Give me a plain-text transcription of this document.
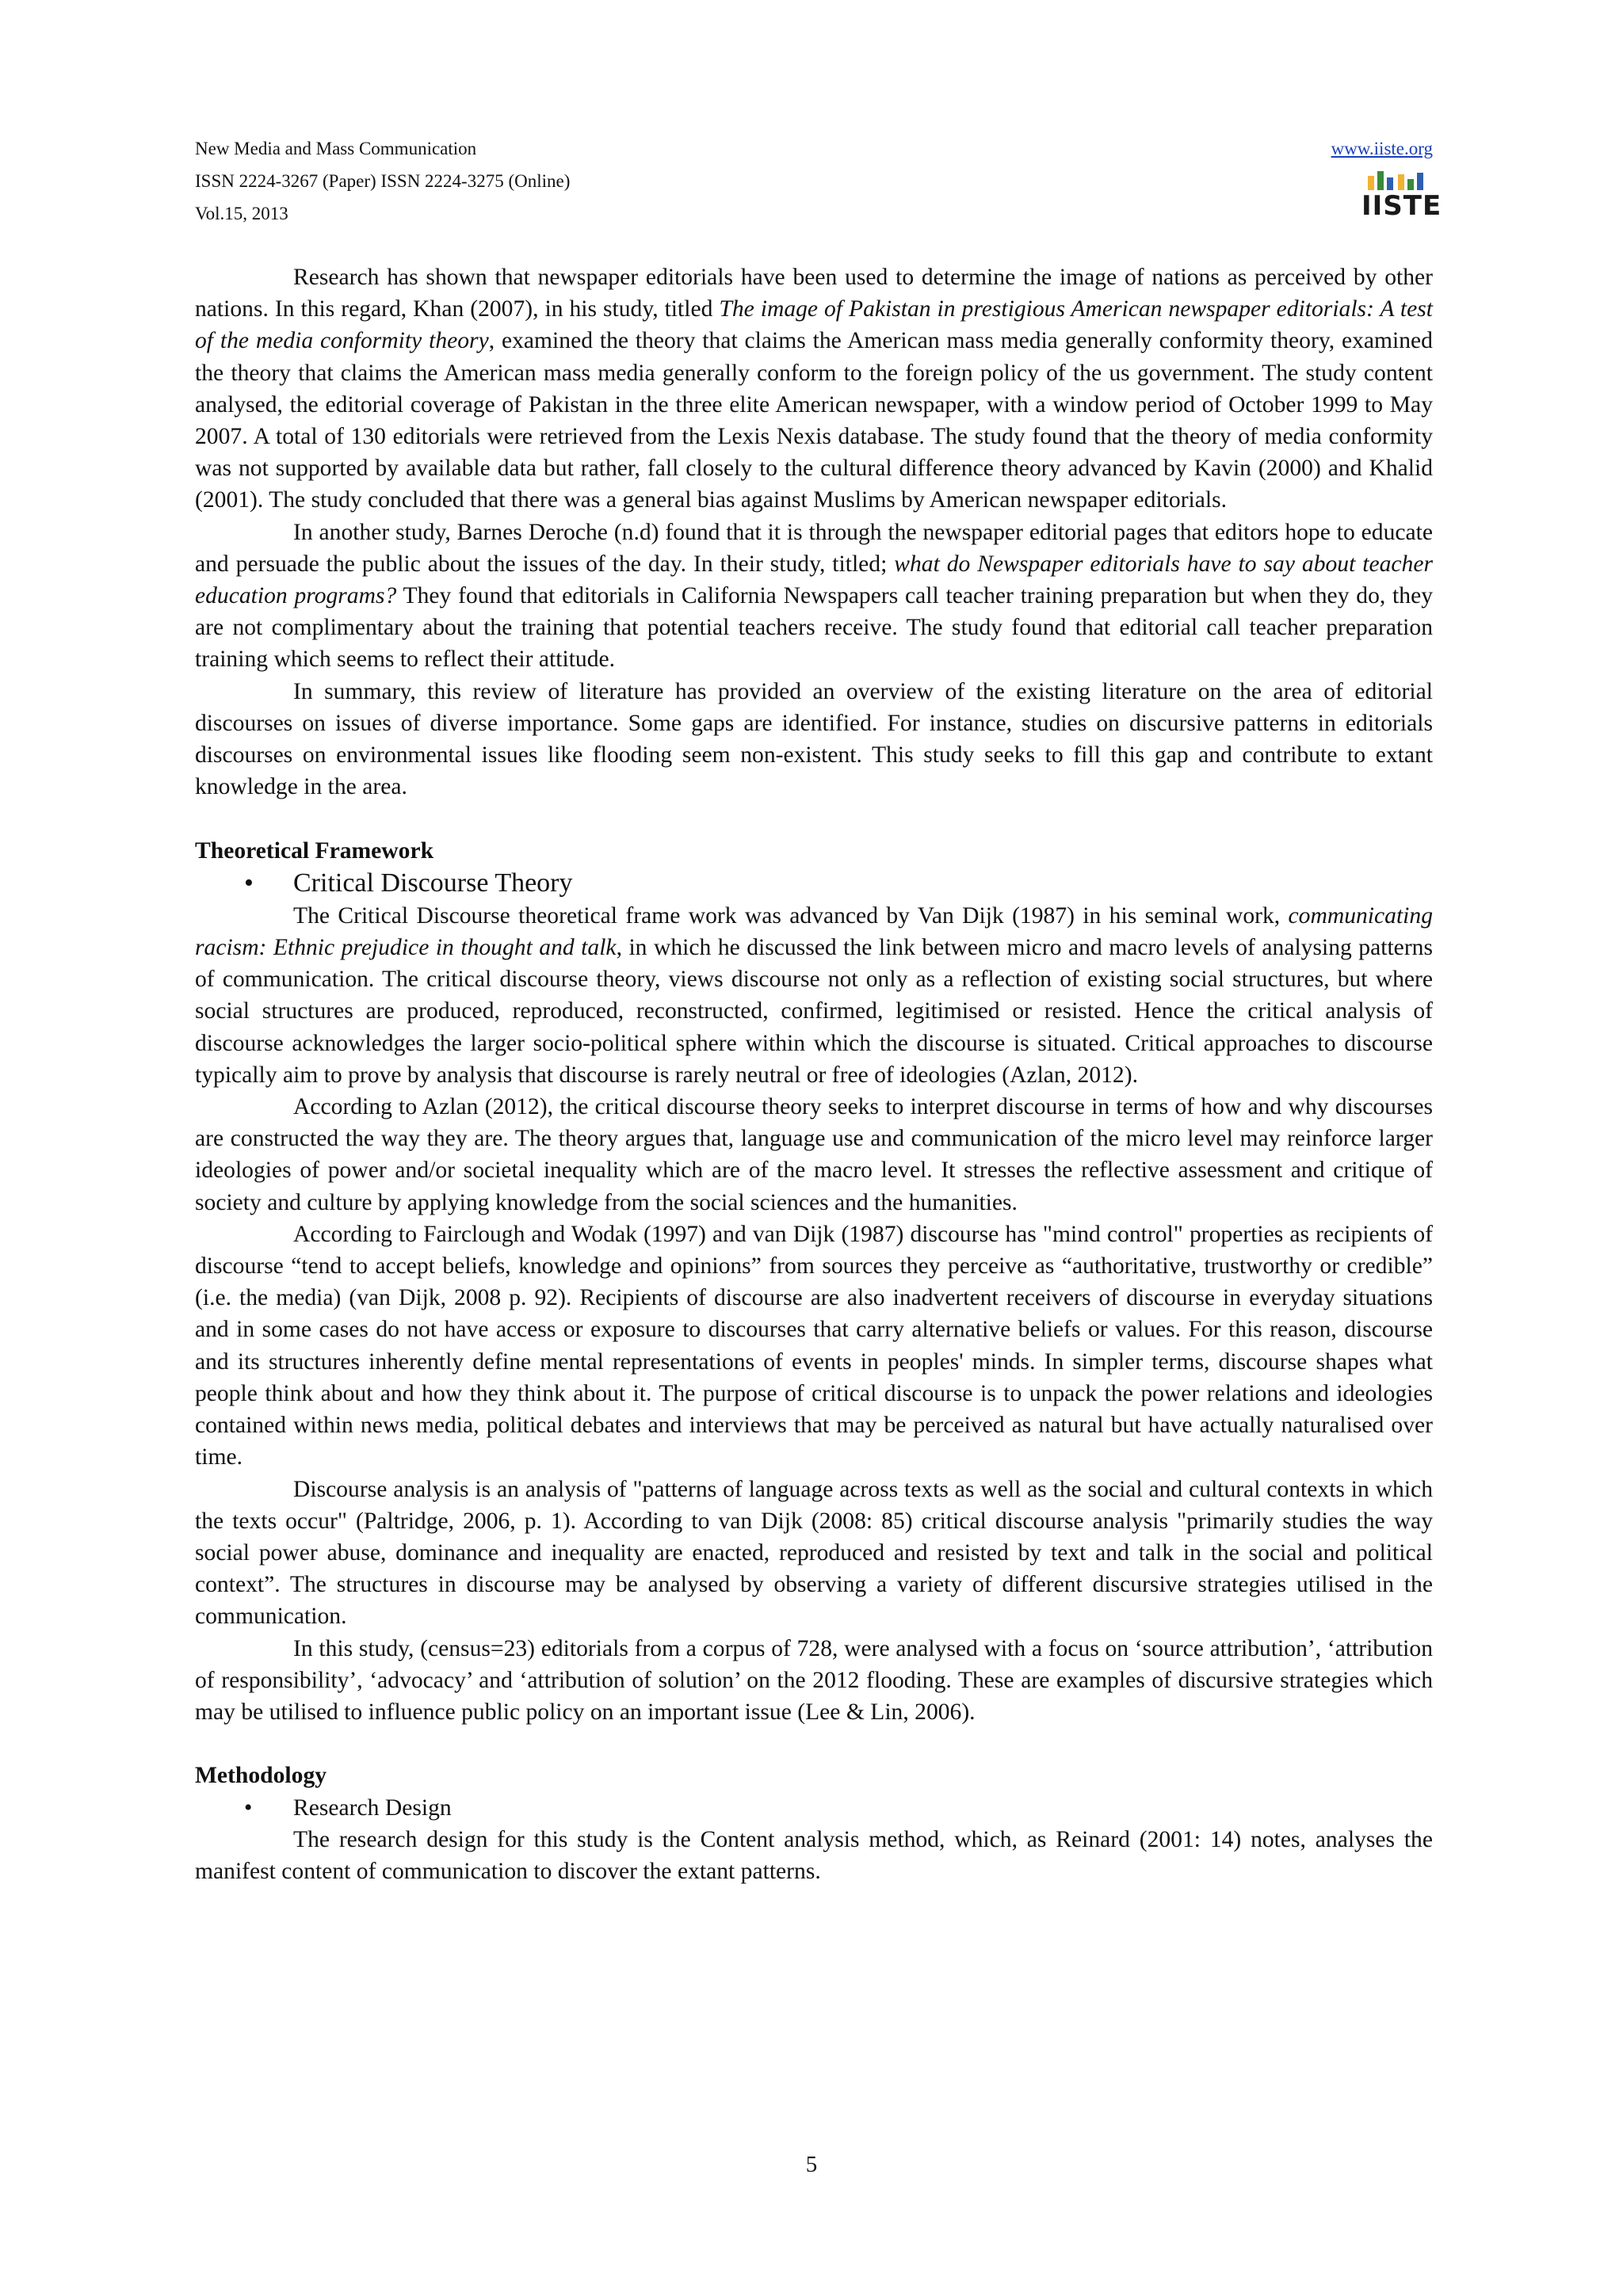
New Media and Mass Communication
ISSN 2224-3267 (Paper) ISSN 2224-3275 (Online)
Vol.15, 2013
www.iiste.org
IISTE

Research has shown that newspaper editorials have been used to determine the image of nations as perceived by other nations. In this regard, Khan (2007), in his study, titled The image of Pakistan in prestigious American newspaper editorials: A test of the media conformity theory, examined the theory that claims the American mass media generally conformity theory, examined the theory that claims the American mass media generally conform to the foreign policy of the us government. The study content analysed, the editorial coverage of Pakistan in the three elite American newspaper, with a window period of October 1999 to May 2007. A total of 130 editorials were retrieved from the Lexis Nexis database. The study found that the theory of media conformity was not supported by available data but rather, fall closely to the cultural difference theory advanced by Kavin (2000) and Khalid (2001). The study concluded that there was a general bias against Muslims by American newspaper editorials.

In another study, Barnes Deroche (n.d) found that it is through the newspaper editorial pages that editors hope to educate and persuade the public about the issues of the day. In their study, titled; what do Newspaper editorials have to say about teacher education programs? They found that editorials in California Newspapers call teacher training preparation but when they do, they are not complimentary about the training that potential teachers receive. The study found that editorial call teacher preparation training which seems to reflect their attitude.

In summary, this review of literature has provided an overview of the existing literature on the area of editorial discourses on issues of diverse importance. Some gaps are identified. For instance, studies on discursive patterns in editorials discourses on environmental issues like flooding seem non-existent. This study seeks to fill this gap and contribute to extant knowledge in the area.

Theoretical Framework
•	Critical Discourse Theory

The Critical Discourse theoretical frame work was advanced by Van Dijk (1987) in his seminal work, communicating racism: Ethnic prejudice in thought and talk, in which he discussed the link between micro and macro levels of analysing patterns of communication. The critical discourse theory, views discourse not only as a reflection of existing social structures, but where social structures are produced, reproduced, reconstructed, confirmed, legitimised or resisted. Hence the critical analysis of discourse acknowledges the larger socio-political sphere within which the discourse is situated. Critical approaches to discourse typically aim to prove by analysis that discourse is rarely neutral or free of ideologies (Azlan, 2012).

According to Azlan (2012), the critical discourse theory seeks to interpret discourse in terms of how and why discourses are constructed the way they are. The theory argues that, language use and communication of the micro level may reinforce larger ideologies of power and/or societal inequality which are of the macro level. It stresses the reflective assessment and critique of society and culture by applying knowledge from the social sciences and the humanities.

According to Fairclough and Wodak (1997) and van Dijk (1987) discourse has "mind control" properties as recipients of discourse “tend to accept beliefs, knowledge and opinions” from sources they perceive as “authoritative, trustworthy or credible” (i.e. the media) (van Dijk, 2008 p. 92). Recipients of discourse are also inadvertent receivers of discourse in everyday situations and in some cases do not have access or exposure to discourses that carry alternative beliefs or values. For this reason, discourse and its structures inherently define mental representations of events in peoples' minds. In simpler terms, discourse shapes what people think about and how they think about it. The purpose of critical discourse is to unpack the power relations and ideologies contained within news media, political debates and interviews that may be perceived as natural but have actually naturalised over time.

Discourse analysis is an analysis of "patterns of language across texts as well as the social and cultural contexts in which the texts occur" (Paltridge, 2006, p. 1). According to van Dijk (2008: 85) critical discourse analysis "primarily studies the way social power abuse, dominance and inequality are enacted, reproduced and resisted by text and talk in the social and political context”. The structures in discourse may be analysed by observing a variety of different discursive strategies utilised in the communication.

In this study, (census=23) editorials from a corpus of 728, were analysed with a focus on ‘source attribution’, ‘attribution of responsibility’, ‘advocacy’ and ‘attribution of solution’ on the 2012 flooding. These are examples of discursive strategies which may be utilised to influence public policy on an important issue (Lee & Lin, 2006).

Methodology
•	Research Design

The research design for this study is the Content analysis method, which, as Reinard (2001: 14) notes, analyses the manifest content of communication to discover the extant patterns.

5
